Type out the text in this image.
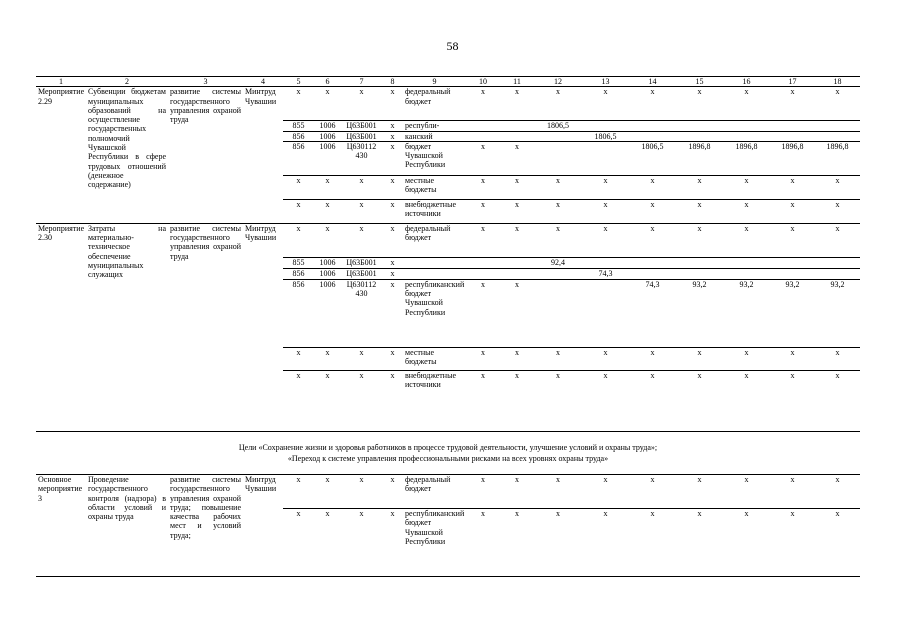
58
1	2	3	4	5	6	7	8	9	10	11	12	13	14	15	16	17	18
Мероприятие 2.29	Субвенции бюджетам муниципальных образований на осуществление государственных полномочий Чувашской Республики в сфере трудовых отношений (денежное содержание)	развитие системы государственного управления охраной труда	Минтруд Чувашии	x	x	x	x	федеральный бюджет	x	x	x	x	x	x	x	x	x
				855	1006	Ц63Б001	x	республи-			1806,5						
				856	1006	Ц63Б001	x	канский				1806,5					
				856	1006	Ц630112 430	x	бюджет Чувашской Республики	x	x			1806,5	1896,8	1896,8	1896,8	1896,8
				x	x	x	x	местные бюджеты	x	x	x	x	x	x	x	x	x
				x	x	x	x	внебюджетные источники	x	x	x	x	x	x	x	x	x
Мероприятие 2.30	Затраты на материально-техническое обеспечение муниципальных служащих	развитие системы государственного управления охраной труда	Минтруд Чувашии	x	x	x	x	федеральный бюджет	x	x	x	x	x	x	x	x	x
				855	1006	Ц63Б001	x				92,4						
				856	1006	Ц63Б001	x					74,3					
				856	1006	Ц630112 430	x	республиканский бюджет Чувашской Республики	x	x			74,3	93,2	93,2	93,2	93,2
				x	x	x	x	местные бюджеты	x	x	x	x	x	x	x	x	x
				x	x	x	x	внебюджетные источники	x	x	x	x	x	x	x	x	x
Цели «Сохранение жизни и здоровья работников в процессе трудовой деятельности, улучшение условий и охраны труда»;
«Переход к системе управления профессиональными рисками на всех уровнях охраны труда»
Основное мероприятие 3	Проведение государственного контроля (надзора) в области условий и охраны труда	развитие системы государственного управления охраной труда; повышение качества рабочих мест и условий труда;	Минтруд Чувашии	x	x	x	x	федеральный бюджет	x	x	x	x	x	x	x	x	x
				x	x	x	x	республиканский бюджет Чувашской Республики	x	x	x	x	x	x	x	x	x
